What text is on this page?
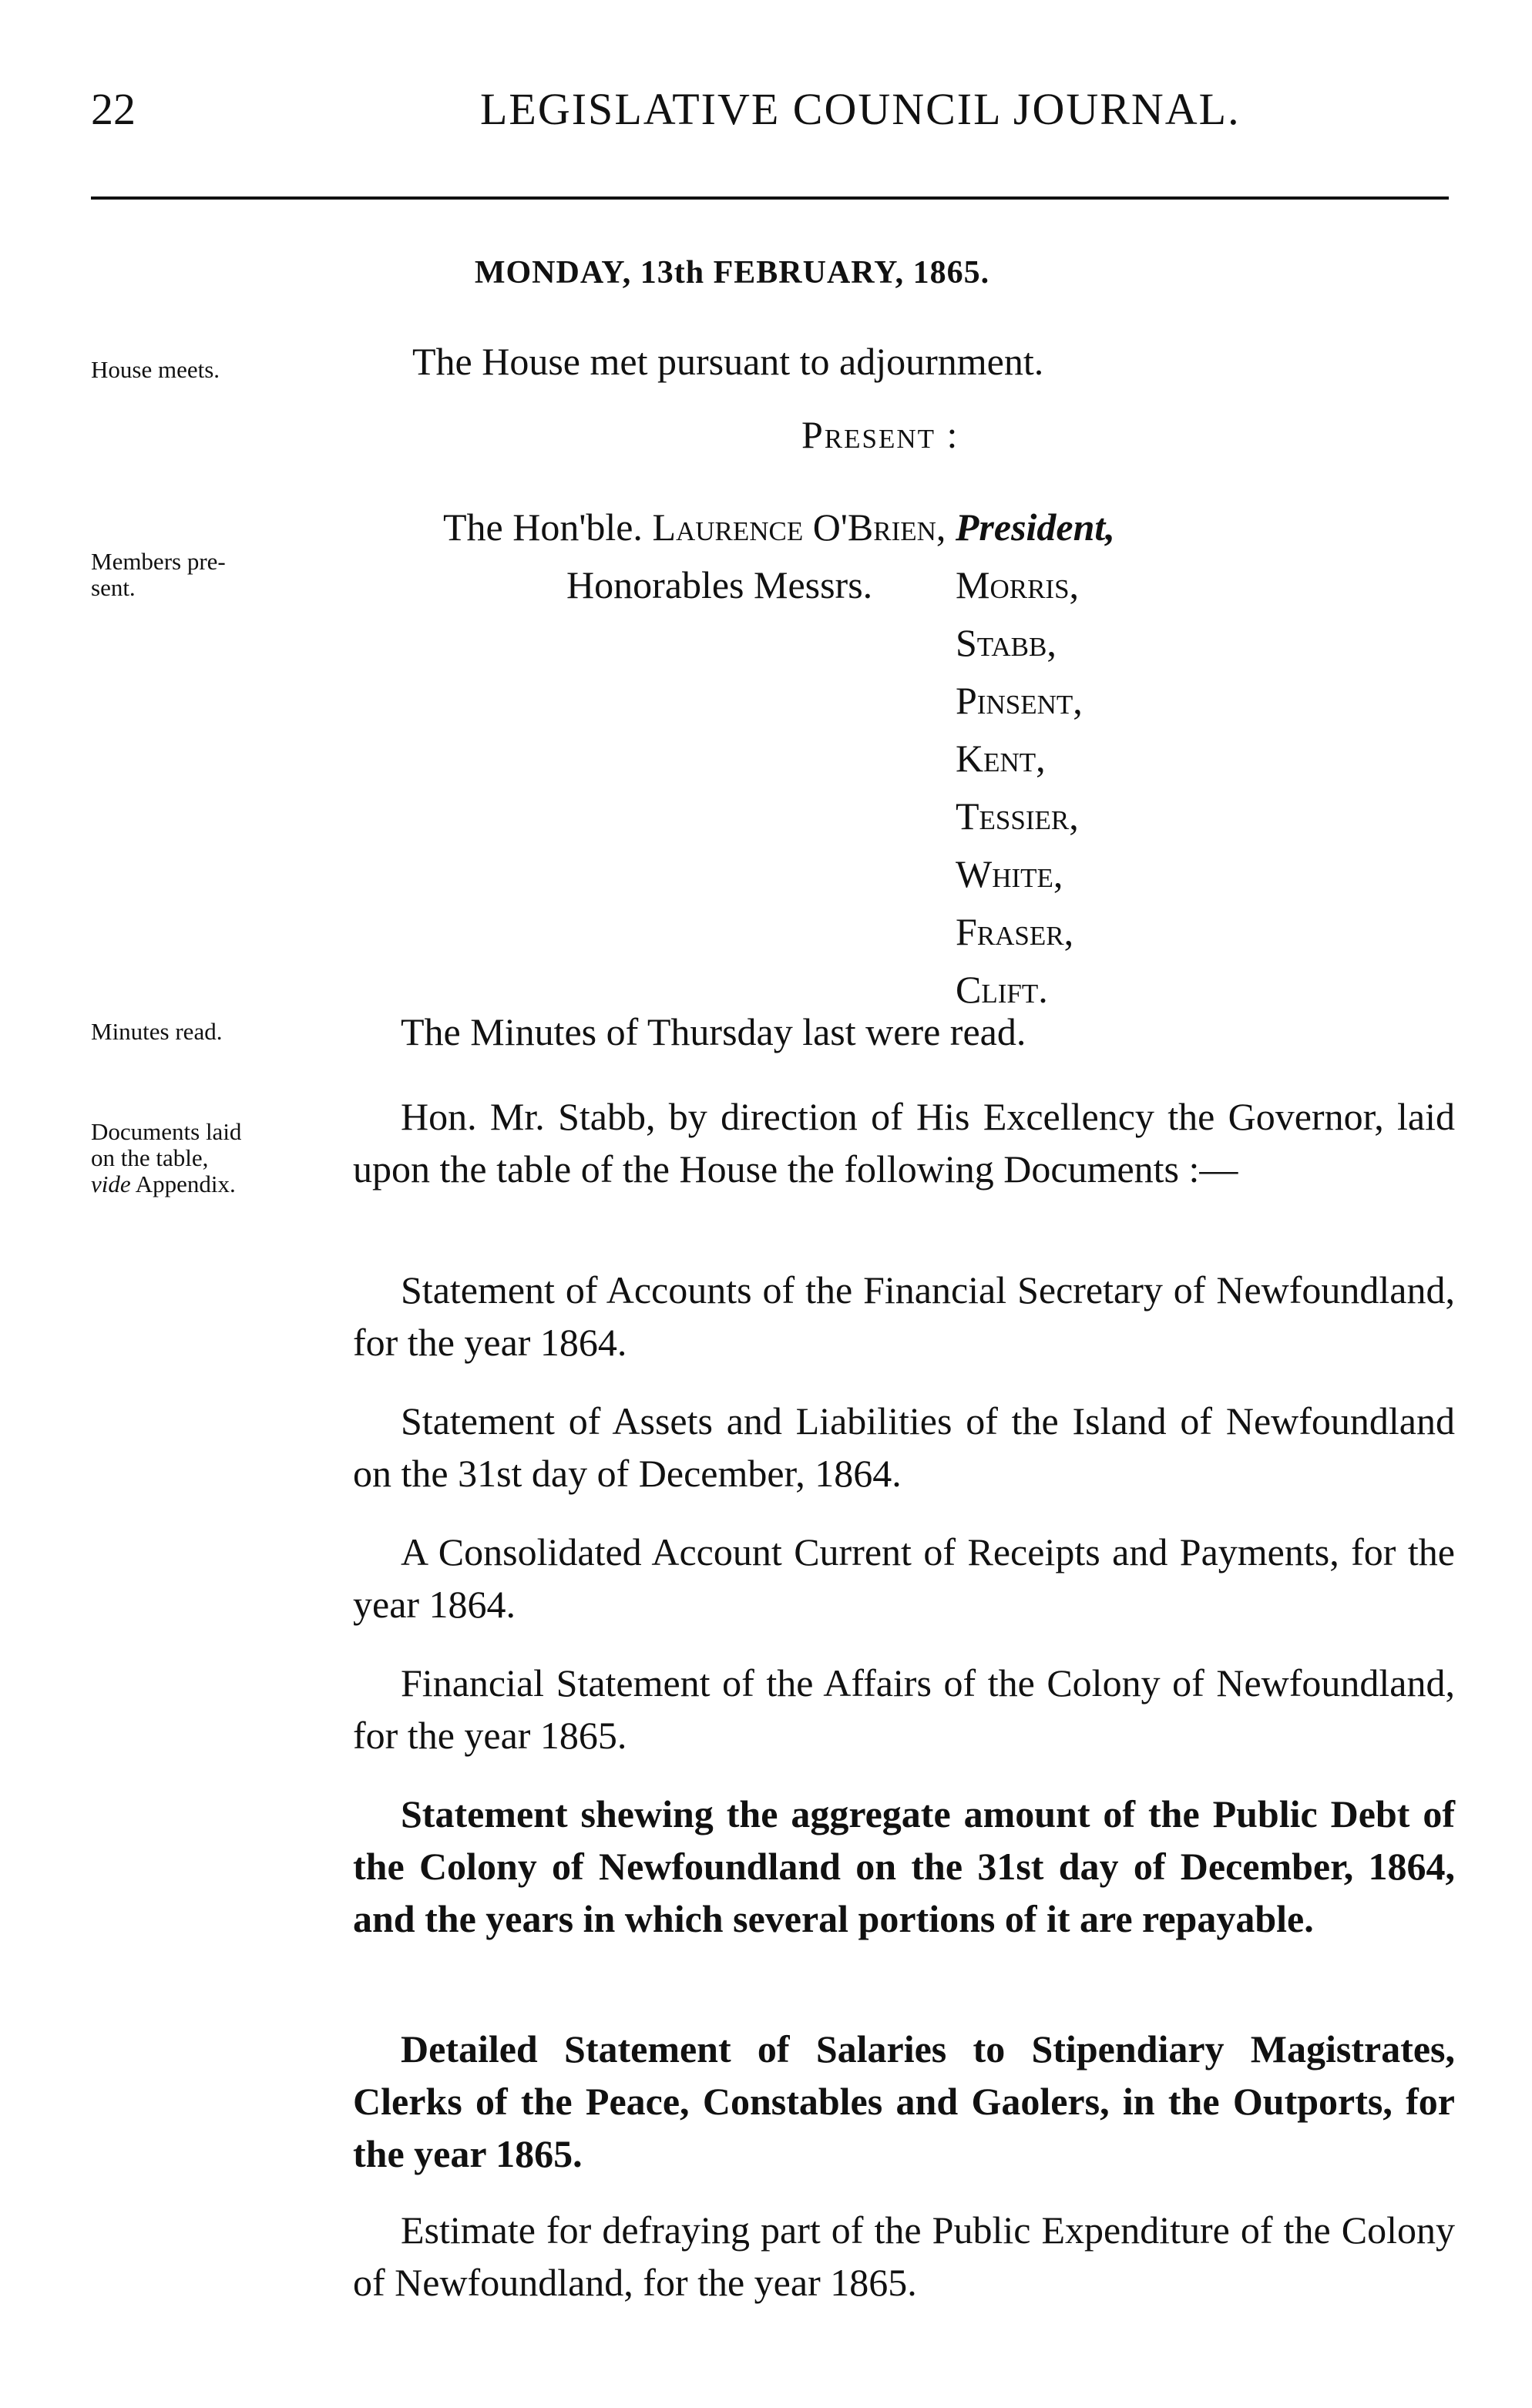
22	LEGISLATIVE COUNCIL JOURNAL.
MONDAY, 13th FEBRUARY, 1865.
House meets.
Members pre-
sent.
Minutes read.
Documents laid
on the table,
vide Appendix.
The House met pursuant to adjournment.
Present :
The Hon'ble. Laurence O'Brien, President,
Honorables Messrs. Morris,
Stabb,
Pinsent,
Kent,
Tessier,
White,
Fraser,
Clift.
The Minutes of Thursday last were read.
Hon. Mr. Stabb, by direction of His Excellency the Governor, laid upon the table of the House the following Documents :—
Statement of Accounts of the Financial Secretary of Newfoundland, for the year 1864.
Statement of Assets and Liabilities of the Island of Newfoundland on the 31st day of December, 1864.
A Consolidated Account Current of Receipts and Payments, for the year 1864.
Financial Statement of the Affairs of the Colony of Newfoundland, for the year 1865.
Statement shewing the aggregate amount of the Public Debt of the Colony of Newfoundland on the 31st day of December, 1864, and the years in which several portions of it are repayable.
Detailed Statement of Salaries to Stipendiary Magistrates, Clerks of the Peace, Constables and Gaolers, in the Outports, for the year 1865.
Estimate for defraying part of the Public Expenditure of the Colony of Newfoundland, for the year 1865.
